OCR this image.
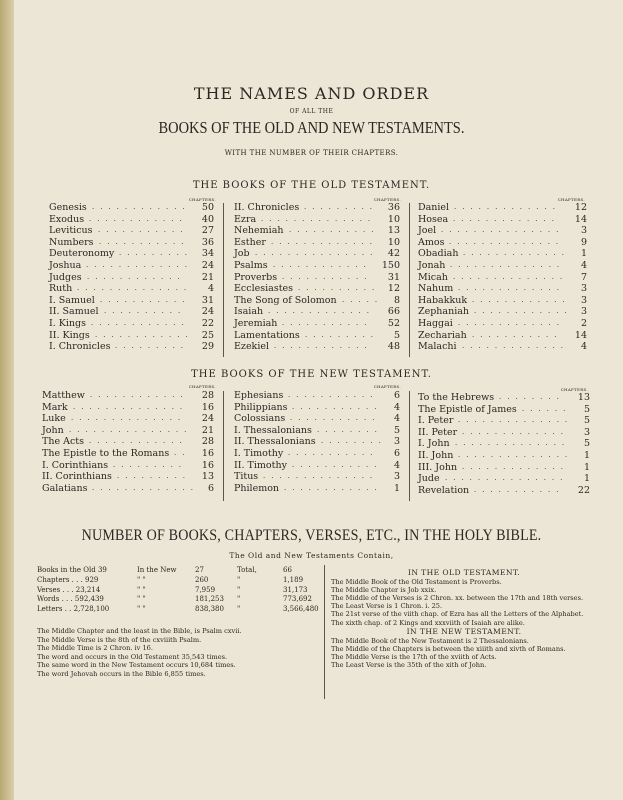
THE NAMES AND ORDER
OF ALL THE
BOOKS OF THE OLD AND NEW TESTAMENTS.
WITH THE NUMBER OF THEIR CHAPTERS.
THE BOOKS OF THE OLD TESTAMENT.
CHAPTERS.	CHAPTERS.	CHAPTERS.
Genesis ............ 50
Exodus ............ 40
Leviticus ........... 27
Numbers ........... 36
Deuteronomy ......... 34
Joshua ............. 24
Judges ............ 21
Ruth .............. 4
I. Samuel ........... 31
II. Samuel .......... 24
I. Kings ............ 22
II. Kings ............ 25
I. Chronicles ......... 29
II. Chronicles ......... 36
Ezra .............. 10
Nehemiah ........... 13
Esther ............. 10
Job ............... 42
Psalms ............ 150
Proverbs ........... 31
Ecclesiastes .......... 12
The Song of Solomon ..... 8
Isaiah ............. 66
Jeremiah ........... 52
Lamentations ......... 5
Ezekiel ............ 48
Daniel ............. 12
Hosea ............. 14
Joel ............... 3
Amos .............. 9
Obadiah ............. 1
Jonah .............. 4
Micah .............. 7
Nahum ............. 3
Habakkuk ............ 3
Zephaniah ............ 3
Haggai ............. 2
Zechariah ........... 14
Malachi ............. 4
THE BOOKS OF THE NEW TESTAMENT.
CHAPTERS.	CHAPTERS.
CHAPTERS.
Matthew ............ 28
Mark .............. 16
Luke .............. 24
John ............... 21
The Acts ............ 28
The Epistle to the Romans .. 16
I. Corinthians ......... 16
II. Corinthians ......... 13
Galatians ............. 6
Ephesians ........... 6
Philippians ........... 4
Colossians ........... 4
I. Thessalonians ........ 5
II. Thessalonians ........ 3
I. Timothy ........... 6
II. Timothy ........... 4
Titus .............. 3
Philemon ............ 1
To the Hebrews ........ 13
The Epistle of James ...... 5
I. Peter .............. 5
II. Peter ............. 3
I. John .............. 5
II. John .............. 1
III. John ............. 1
Jude ............... 1
Revelation ........... 22
NUMBER OF BOOKS, CHAPTERS, VERSES, ETC., IN THE HOLY BIBLE.
The Old and New Testaments Contain,
Books in the Old 39	In the New	27	Total,	66
Chapters . . . 929	" "	260	"	1,189
Verses . . . 23,214	" "	7,959	"	31,173
Words . . . 592,439	" "	181,253 "	773,692
Letters . . 2,728,100	" "	838,380 "	3,566,480

The Middle Chapter and the least in the Bible, is Psalm cxvii.

The Middle Verse is the 8th of the cxviiith Psalm.

The Middle Time is 2 Chron. iv 16.

The word and occurs in the Old Testament 35,543 times.

The same word in the New Testament occurs 10,684 times.

The word Jehovah occurs in the Bible 6,855 times.

IN THE OLD TESTAMENT.

The Middle Book of the Old Testament is Proverbs.

The Middle Chapter is Job xxix.

The Middle of the Verses is 2 Chron. xx. between the 17th and 18th verses.

The Least Verse is 1 Chron. i. 25.

The 21st verse of the viith chap. of Ezra has all the Letters of the Alphabet.

The xixth chap. of 2 Kings and xxxviith of Isaiah are alike.

IN THE NEW TESTAMENT.

The Middle Book of the New Testament is 2 Thessalonians.

The Middle of the Chapters is between the xiiith and xivth of Romans.

The Middle Verse is the 17th of the xviith of Acts.

The Least Verse is the 35th of the xith of John.
